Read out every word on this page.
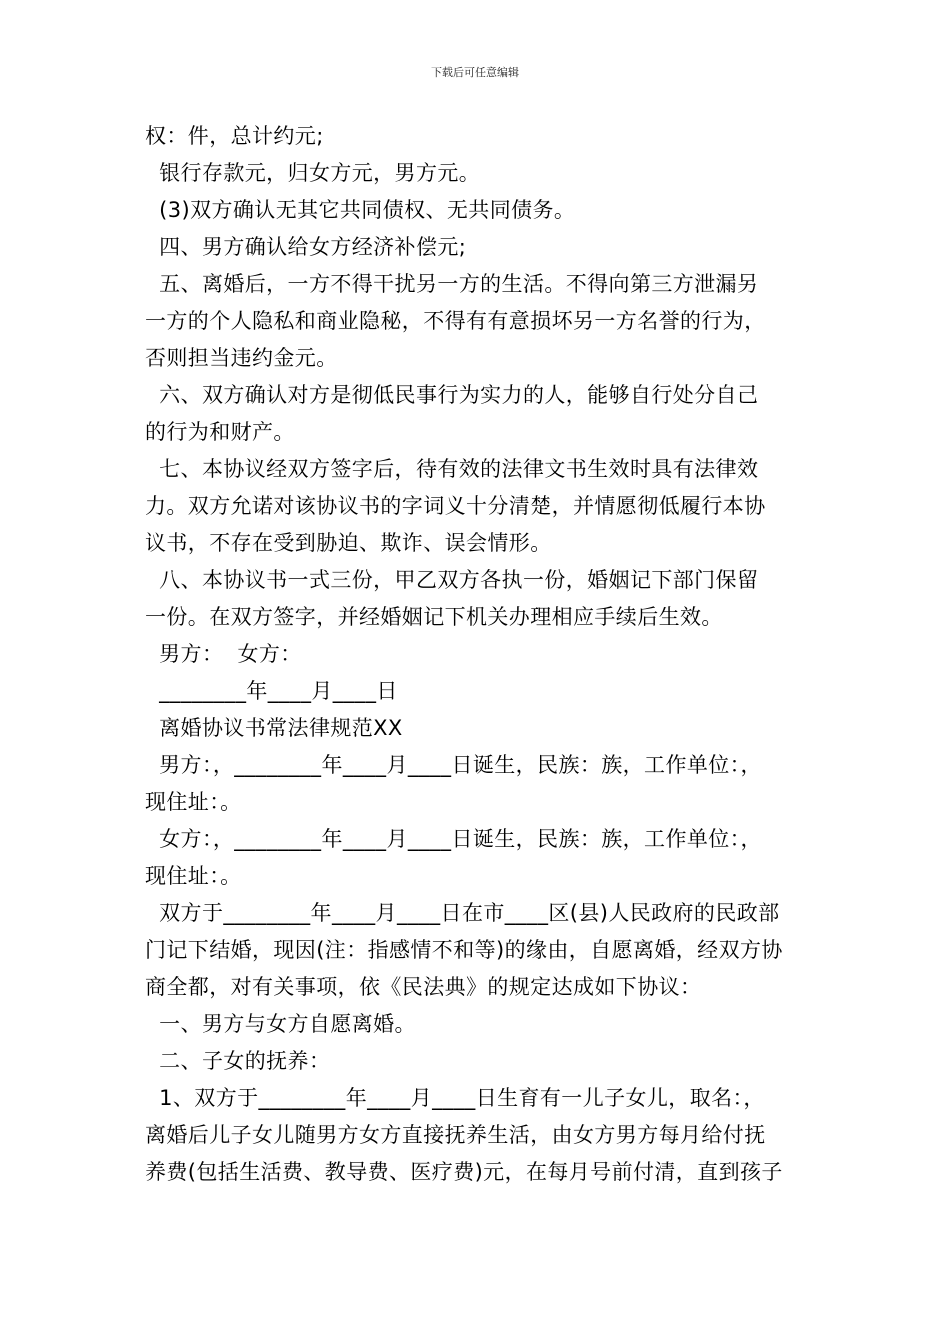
下载后可任意编辑
权：件，总计约元;
银行存款元，归女方元，男方元。
(3)双方确认无其它共同债权、无共同债务。
四、男方确认给女方经济补偿元;
五、离婚后，一方不得干扰另一方的生活。不得向第三方泄漏另
一方的个人隐私和商业隐秘，不得有有意损坏另一方名誉的行为，
否则担当违约金元。
六、双方确认对方是彻低民事行为实力的人，能够自行处分自己
的行为和财产。
七、本协议经双方签字后，待有效的法律文书生效时具有法律效
力。双方允诺对该协议书的字词义十分清楚，并情愿彻低履行本协
议书，不存在受到胁迫、欺诈、误会情形。
八、本协议书一式三份，甲乙双方各执一份，婚姻记下部门保留
一份。在双方签字，并经婚姻记下机关办理相应手续后生效。
男方：  女方：
________年____月____日
离婚协议书常法律规范XX
男方：，________年____月____日诞生，民族：族，工作单位：，
现住址：。
女方：，________年____月____日诞生，民族：族，工作单位：，
现住址：。
双方于________年____月____日在市____区(县)人民政府的民政部
门记下结婚，现因(注：指感情不和等)的缘由，自愿离婚，经双方协
商全都，对有关事项，依《民法典》的规定达成如下协议：
一、男方与女方自愿离婚。
二、子女的抚养：
1、双方于________年____月____日生育有一儿子女儿，取名：，
离婚后儿子女儿随男方女方直接抚养生活，由女方男方每月给付抚
养费(包括生活费、教导费、医疗费)元，在每月号前付清，直到孩子
